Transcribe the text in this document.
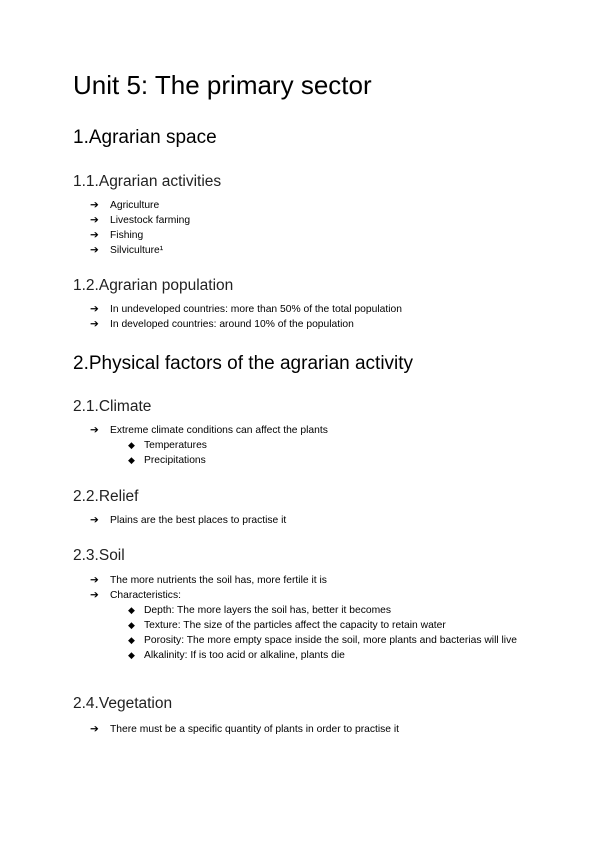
Unit 5: The primary sector
1.Agrarian space
1.1.Agrarian activities
➔	Agriculture
➔	Livestock farming
➔	Fishing
➔	Silviculture¹
1.2.Agrarian population
➔	In undeveloped countries: more than 50% of the total population
➔	In developed countries: around 10% of the population
2.Physical factors of the agrarian activity
2.1.Climate
➔	Extreme climate conditions can affect the plants
◆ Temperatures
◆ Precipitations
2.2.Relief
➔	Plains are the best places to practise it
2.3.Soil
➔	The more nutrients the soil has, more fertile it is
➔	Characteristics:
◆ Depth: The more layers the soil has, better it becomes
◆ Texture: The size of the particles affect the capacity to retain water
◆ Porosity: The more empty space inside the soil, more plants and bacterias will live
◆ Alkalinity: If is too acid or alkaline, plants die
2.4.Vegetation
➔	There must be a specific quantity of plants in order to practise it
